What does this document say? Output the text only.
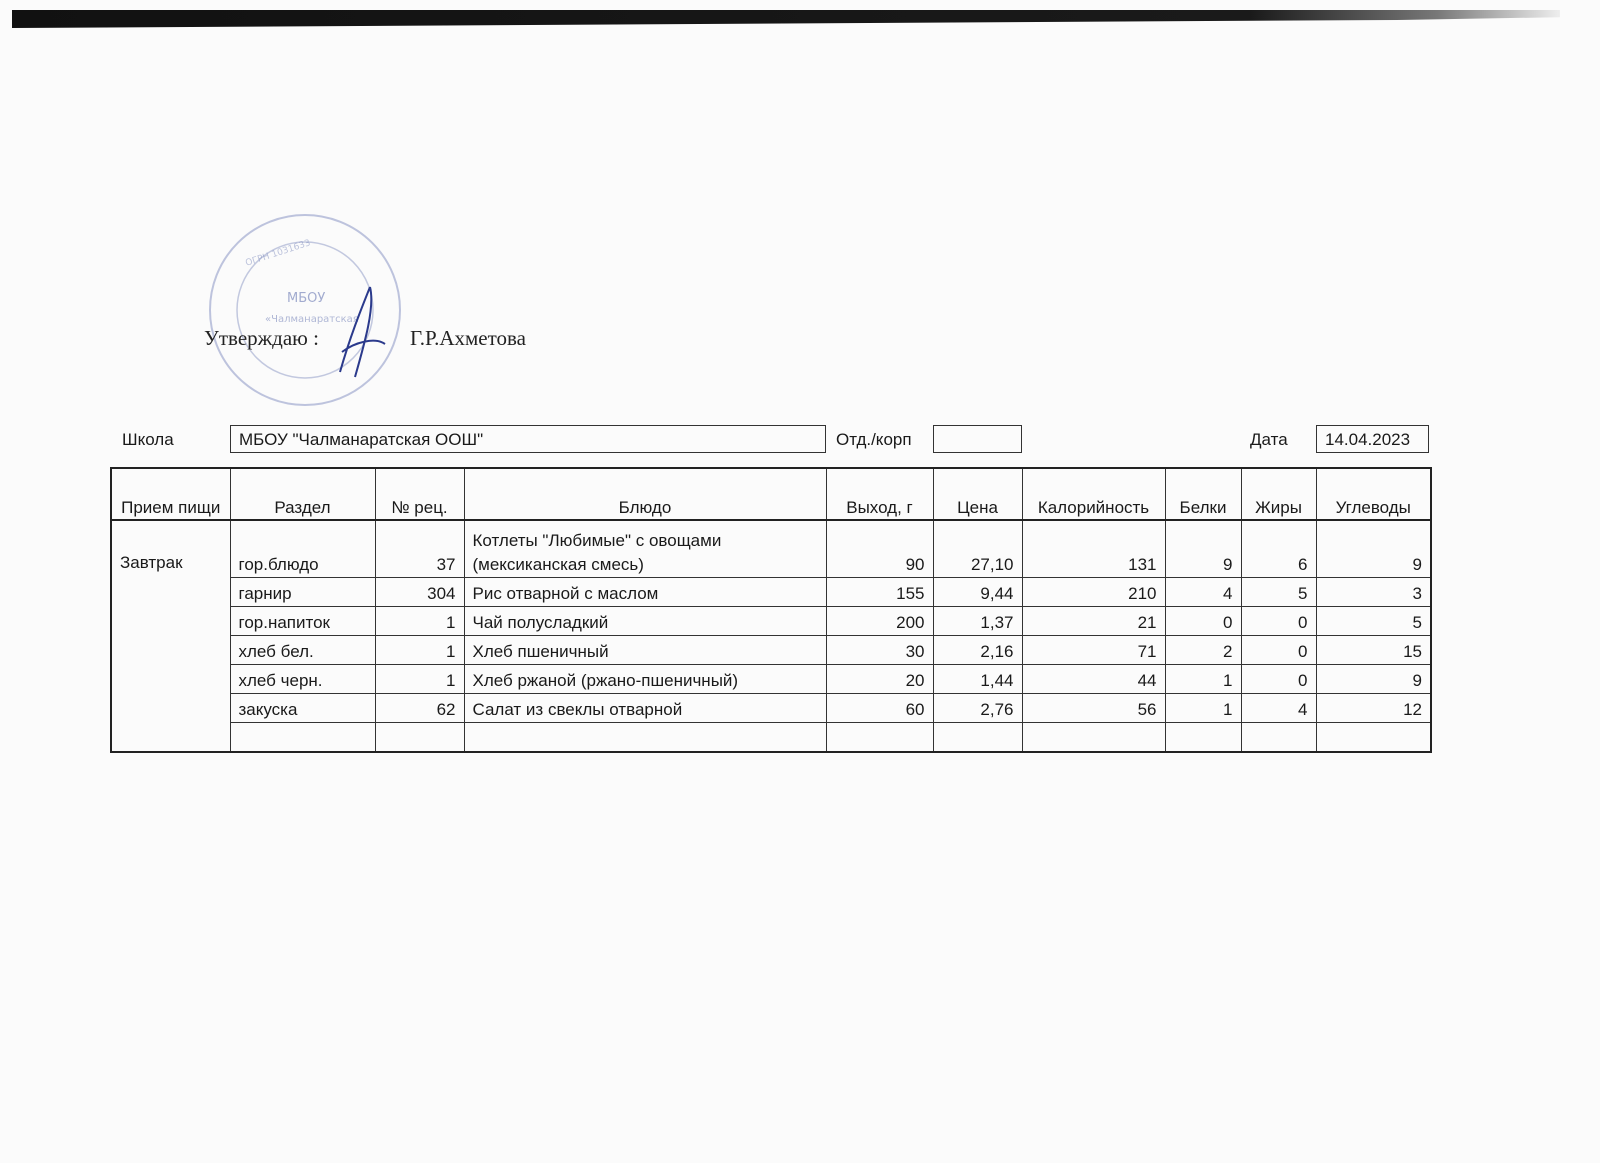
МБОУ
«Чалманаратская
ОГРН 1031633
Утверждаю :	Г.Р.Ахметова
Школа	МБОУ "Чалманаратская ООШ"	Отд./корп	Дата	14.04.2023
Прием пищи	Раздел	№ рец.	Блюдо	Выход, г	Цена	Калорийность	Белки	Жиры	Углеводы
Завтрак	гор.блюдо	37	Котлеты "Любимые" с овощами (мексиканская смесь)	90	27,10	131	9	6	9
	гарнир	304	Рис отварной с маслом	155	9,44	210	4	5	3
	гор.напиток	1	Чай полусладкий	200	1,37	21	0	0	5
	хлеб бел.	1	Хлеб пшеничный	30	2,16	71	2	0	15
	хлеб черн.	1	Хлеб ржаной (ржано-пшеничный)	20	1,44	44	1	0	9
	закуска	62	Салат из свеклы отварной	60	2,76	56	1	4	12
